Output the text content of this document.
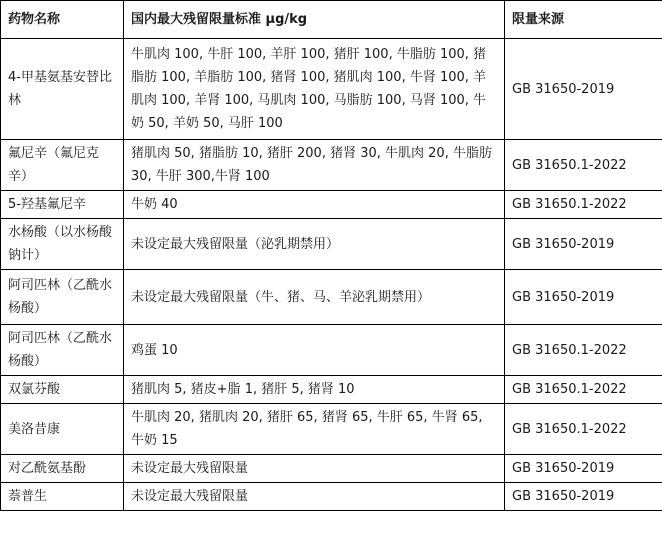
药物名称	国内最大残留限量标准 μg/kg	限量来源
4-甲基氨基安替比林	牛肌肉 100, 牛肝 100, 羊肝 100, 猪肝 100, 牛脂肪 100, 猪脂肪 100, 羊脂肪 100, 猪肾 100, 猪肌肉 100, 牛肾 100, 羊肌肉 100, 羊肾 100, 马肌肉 100, 马脂肪 100, 马肾 100, 牛奶 50, 羊奶 50, 马肝 100	GB 31650-2019
氟尼辛（氟尼克辛）	猪肌肉 50, 猪脂肪 10, 猪肝 200, 猪肾 30, 牛肌肉 20, 牛脂肪 30, 牛肝 300,牛肾 100	GB 31650.1-2022
5-羟基氟尼辛	牛奶 40	GB 31650.1-2022
水杨酸（以水杨酸钠计）	未设定最大残留限量（泌乳期禁用）	GB 31650-2019
阿司匹林（乙酰水杨酸）	未设定最大残留限量（牛、猪、马、羊泌乳期禁用）	GB 31650-2019
阿司匹林（乙酰水杨酸）	鸡蛋 10	GB 31650.1-2022
双氯芬酸	猪肌肉 5, 猪皮+脂 1, 猪肝 5, 猪肾 10	GB 31650.1-2022
美洛昔康	牛肌肉 20, 猪肌肉 20, 猪肝 65, 猪肾 65, 牛肝 65, 牛肾 65, 牛奶 15	GB 31650.1-2022
对乙酰氨基酚	未设定最大残留限量	GB 31650-2019
萘普生	未设定最大残留限量	GB 31650-2019
